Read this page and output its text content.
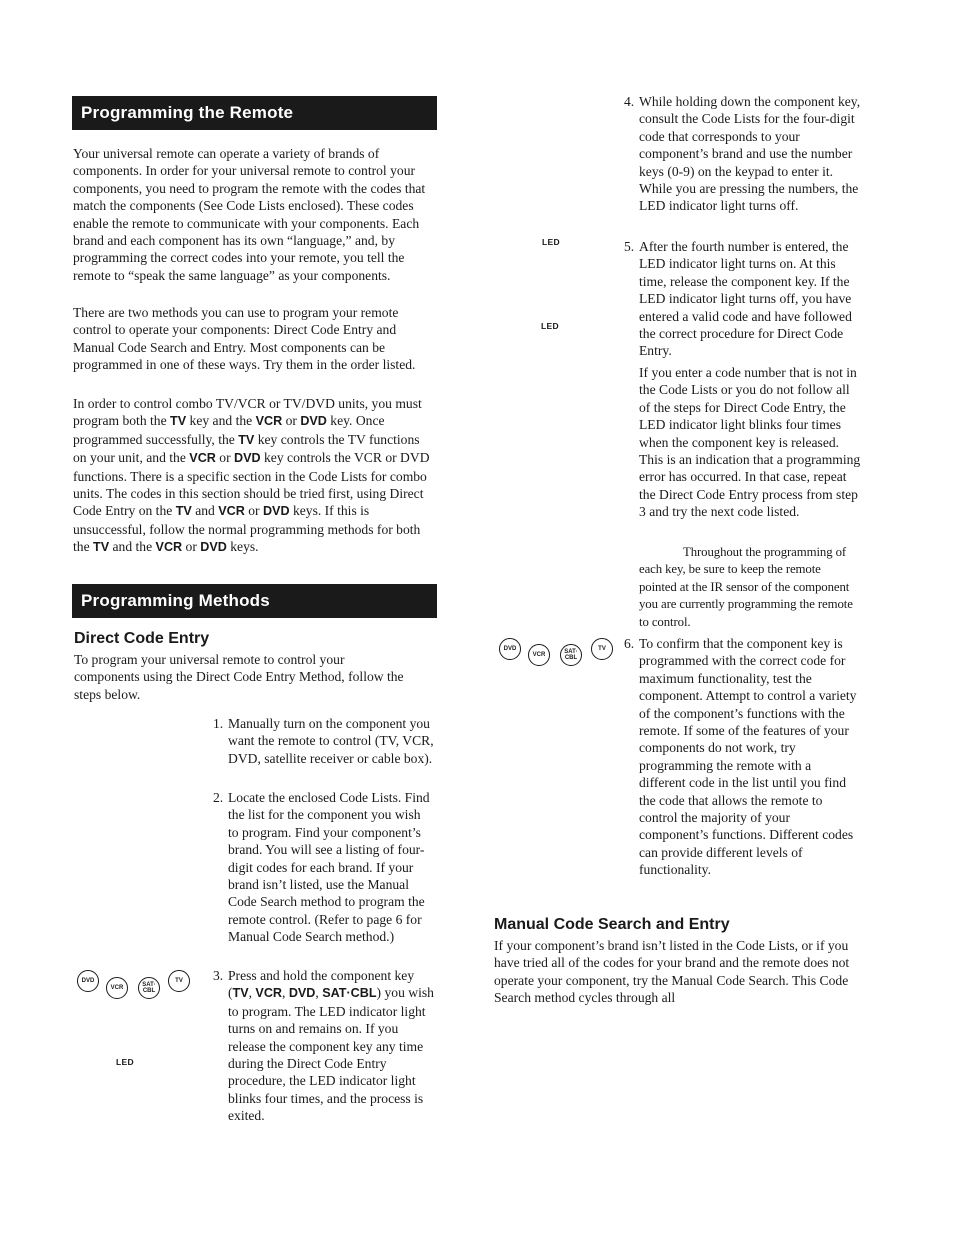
Programming the Remote

Your universal remote can operate a variety of brands of components. In order for your universal remote to control your components, you need to program the remote with the codes that match the components (See Code Lists enclosed). These codes enable the remote to communicate with your components. Each brand and each component has its own “language,” and, by programming the correct codes into your remote, you tell the remote to “speak the same language” as your components.

There are two methods you can use to program your remote control to operate your components: Direct Code Entry and Manual Code Search and Entry. Most components can be programmed in one of these ways. Try them in the order listed.

In order to control combo TV/VCR or TV/DVD units, you must program both the TV key and the VCR or DVD key. Once programmed successfully, the TV key controls the TV functions on your unit, and the VCR or DVD key controls the VCR or DVD functions. There is a specific section in the Code Lists for combo units. The codes in this section should be tried first, using Direct Code Entry on the TV and VCR or DVD keys. If this is unsuccessful, follow the normal programming methods for both the TV and the VCR or DVD keys.

Programming Methods
Direct Code Entry

To program your universal remote to control your components using the Direct Code Entry Method, follow the steps below.

1. Manually turn on the component you want the remote to control (TV, VCR, DVD, satellite receiver or cable box).

2. Locate the enclosed Code Lists. Find the list for the component you wish to program. Find your component’s brand. You will see a listing of four-digit codes for each brand. If your brand isn’t listed, use the Manual Code Search method to program the remote control. (Refer to page 6 for Manual Code Search method.)

DVD
VCR
SAT·
CBL
TV
LED
3. Press and hold the component key (TV, VCR, DVD, SAT·CBL) you wish to program. The LED indicator light turns on and remains on. If you release the component key any time during the Direct Code Entry procedure, the LED indicator light blinks four times, and the process is exited.

4. While holding down the component key, consult the Code Lists for the four-digit code that corresponds to your component’s brand and use the number keys (0-9) on the keypad to enter it. While you are pressing the numbers, the LED indicator light turns off.

LED
LED
5. After the fourth number is entered, the LED indicator light turns on. At this time, release the component key. If the LED indicator light turns off, you have entered a valid code and have followed the correct procedure for Direct Code Entry.

If you enter a code number that is not in the Code Lists or you do not follow all of the steps for Direct Code Entry, the LED indicator light blinks four times when the component key is released. This is an indication that a programming error has occurred. In that case, repeat the Direct Code Entry process from step 3 and try the next code listed.

Throughout the programming of each key, be sure to keep the remote pointed at the IR sensor of the component you are currently programming the remote to control.

DVD
VCR
SAT·
CBL
TV 6. To confirm that the component key is programmed with the correct code for maximum functionality, test the component. Attempt to control a variety of the component’s functions with the remote. If some of the features of your components do not work, try programming the remote with a different code in the list until you find the code that allows the remote to control the majority of your component’s functions. Different codes can provide different levels of functionality.

Manual Code Search and Entry

If your component’s brand isn’t listed in the Code Lists, or if you have tried all of the codes for your brand and the remote does not operate your component, try the Manual Code Search. This Code Search method cycles through all
